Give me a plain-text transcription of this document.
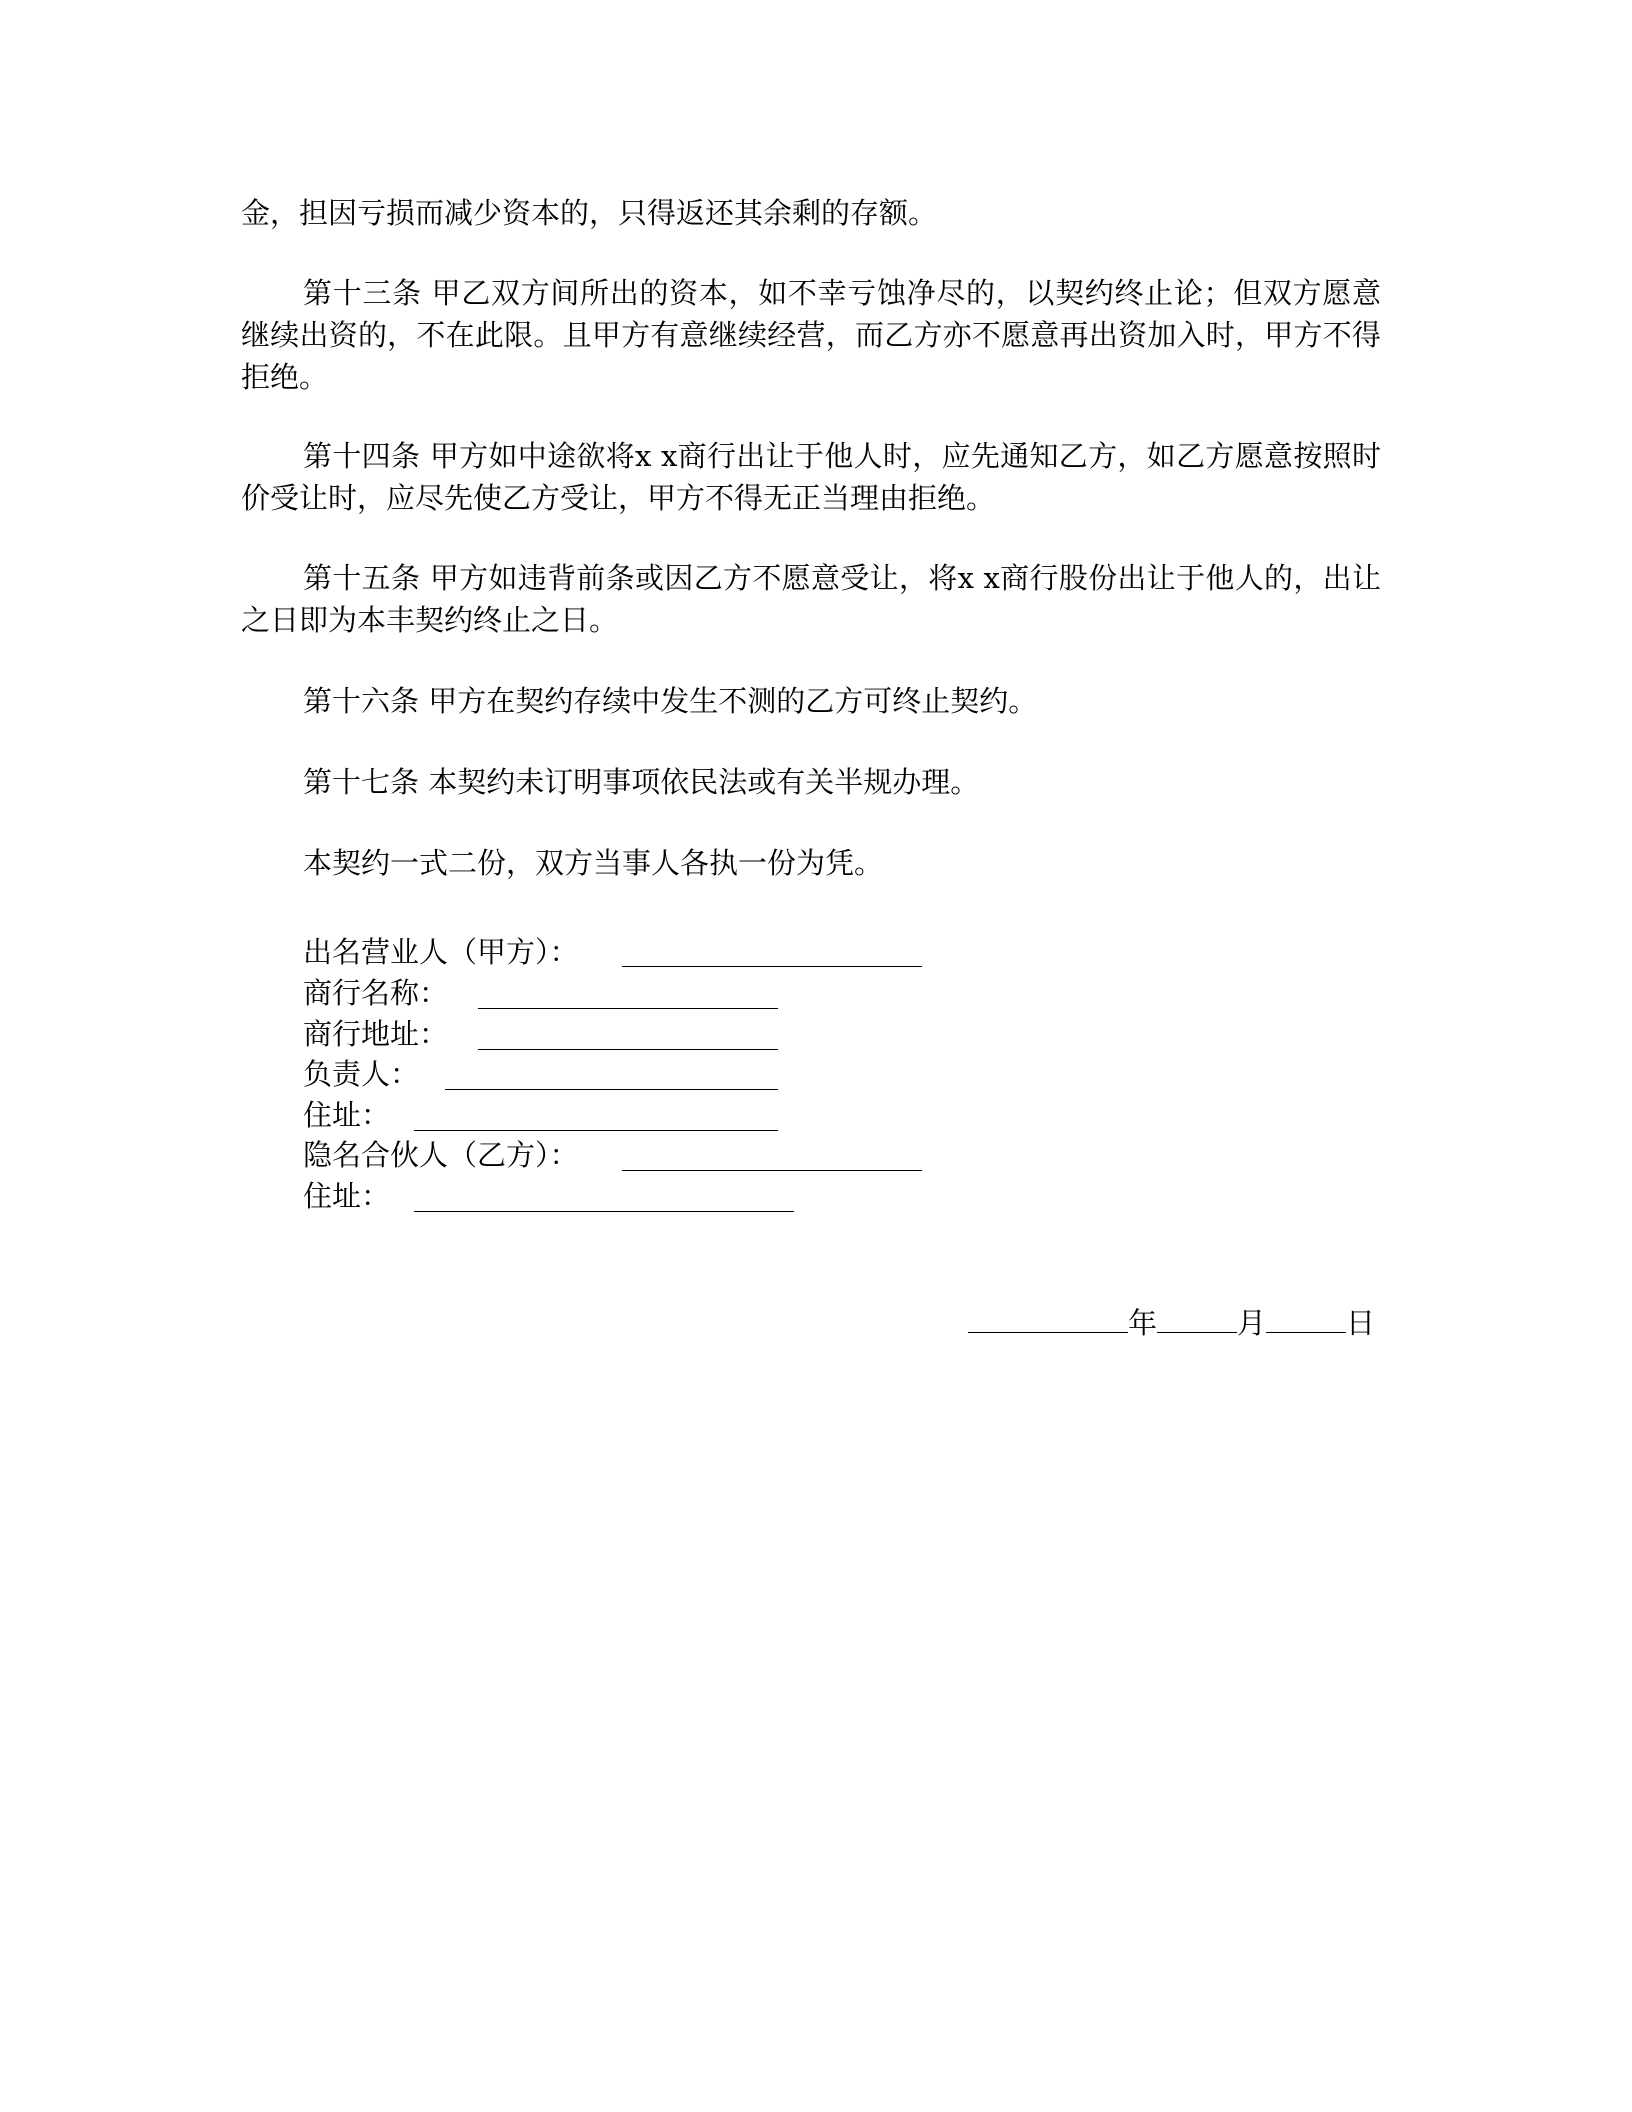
金，担因亏损而减少资本的，只得返还其余剩的存额。
第十三条 甲乙双方间所出的资本，如不幸亏蚀净尽的，以契约终止论；但双方愿意继续出资的，不在此限。且甲方有意继续经营，而乙方亦不愿意再出资加入时，甲方不得拒绝。
第十四条 甲方如中途欲将x x商行出让于他人时，应先通知乙方，如乙方愿意按照时价受让时，应尽先使乙方受让，甲方不得无正当理由拒绝。
第十五条 甲方如违背前条或因乙方不愿意受让，将x x商行股份出让于他人的，出让之日即为本丰契约终止之日。
第十六条 甲方在契约存续中发生不测的乙方可终止契约。
第十七条 本契约未订明事项依民法或有关半规办理。
本契约一式二份，双方当事人各执一份为凭。
出名营业人（甲方）：
商行名称：
商行地址：
负责人：
住址：
隐名合伙人（乙方）：
住址：
年	月	日
